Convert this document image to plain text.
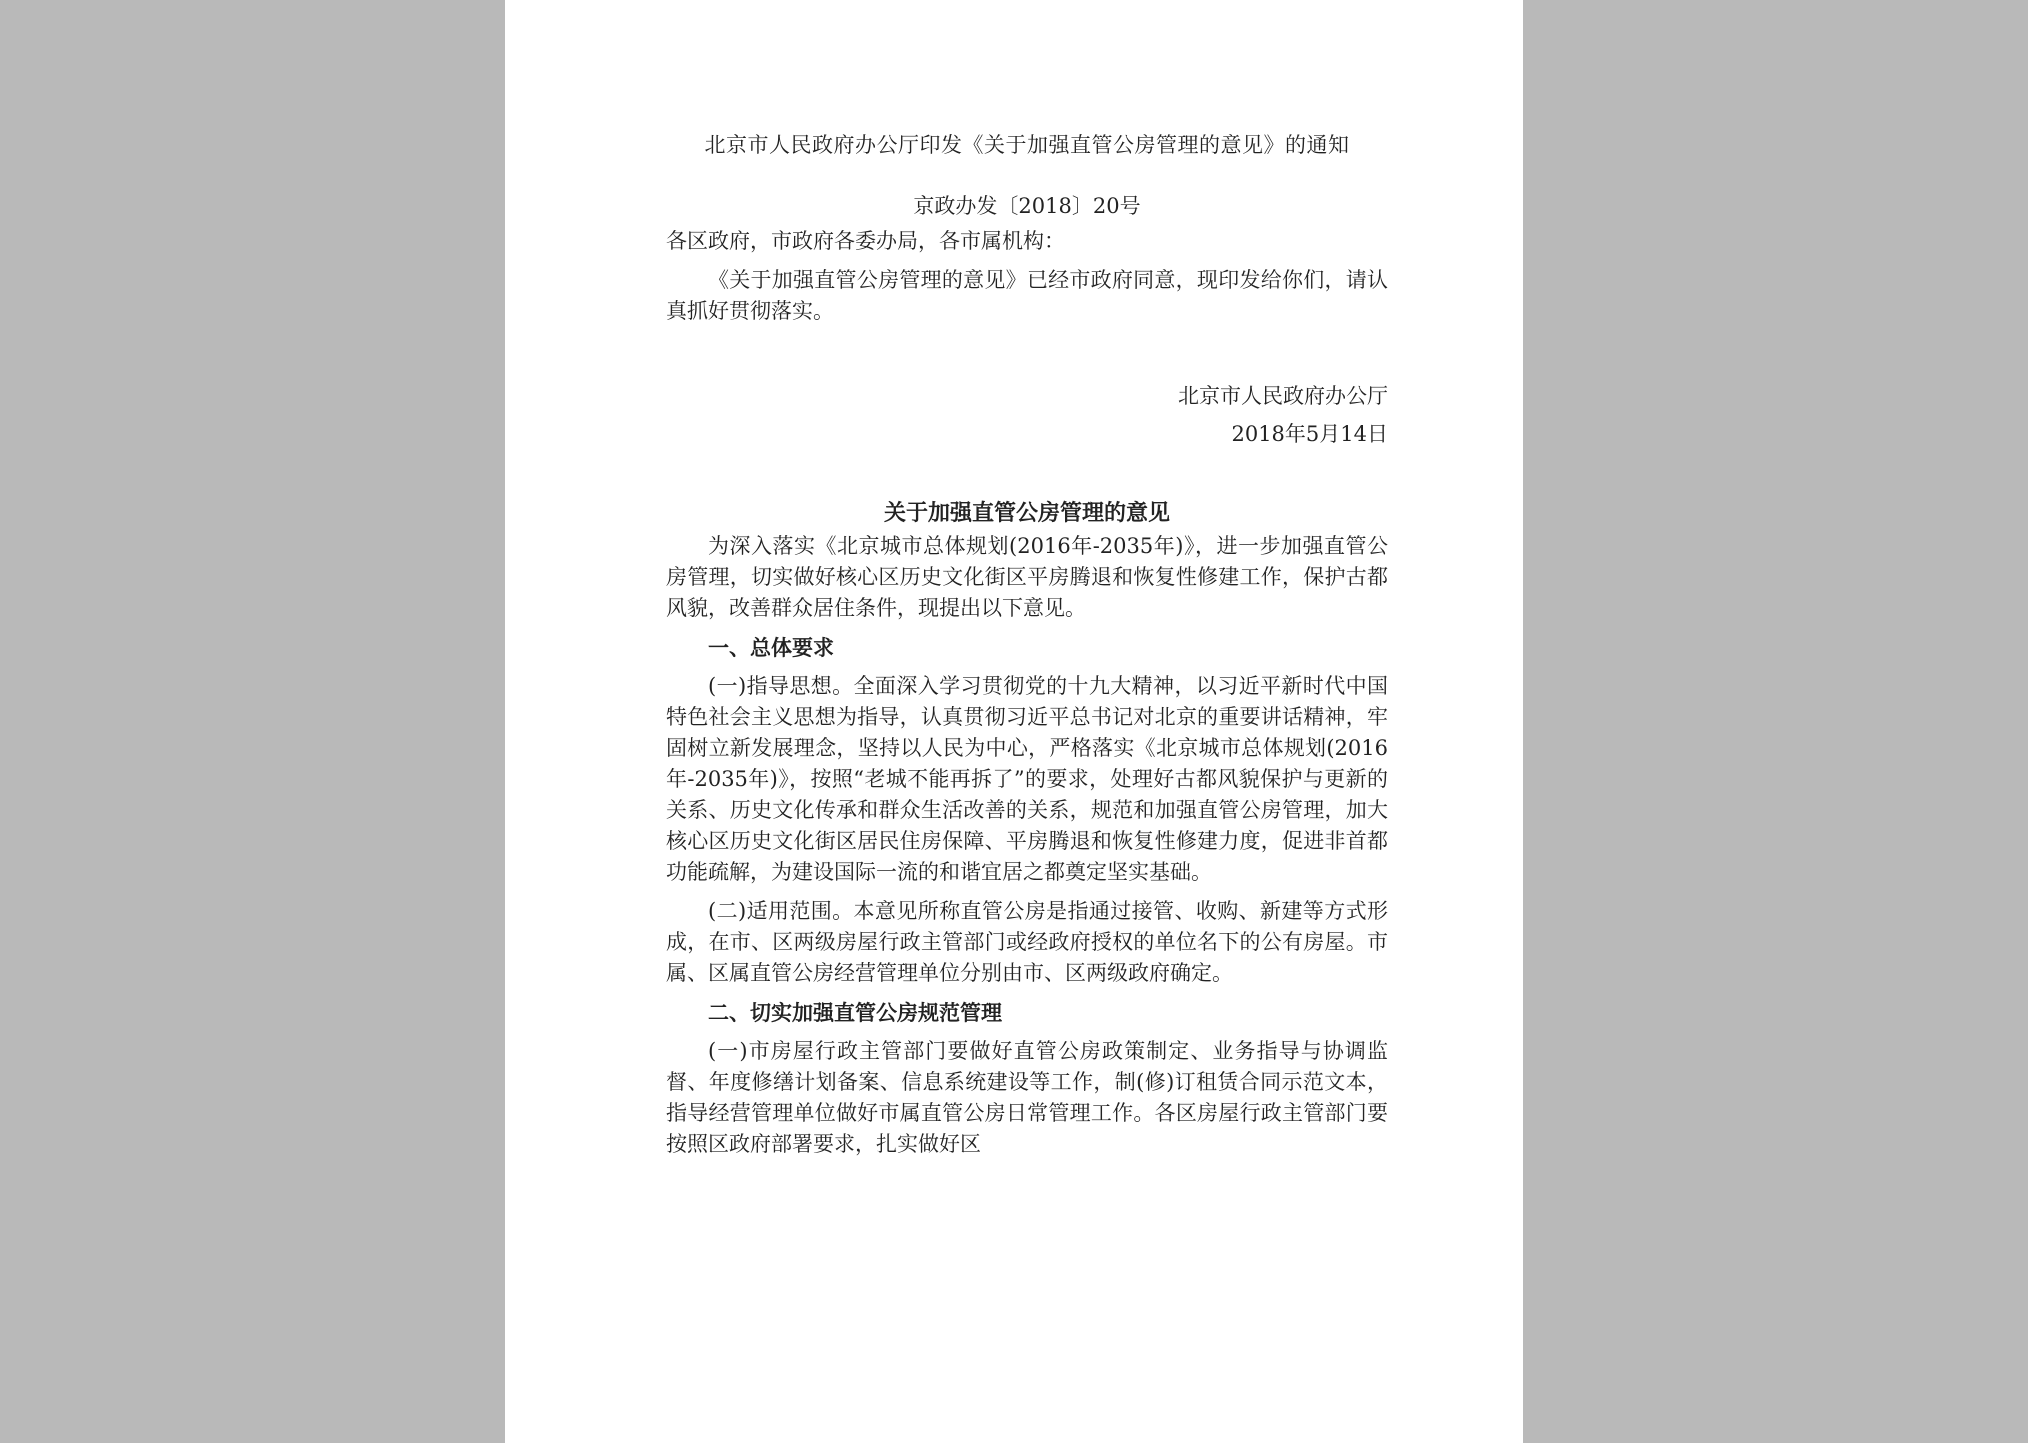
北京市人民政府办公厅印发《关于加强直管公房管理的意见》的通知
京政办发〔2018〕20号
各区政府，市政府各委办局，各市属机构：
《关于加强直管公房管理的意见》已经市政府同意，现印发给你们，请认真抓好贯彻落实。
北京市人民政府办公厅
2018年5月14日
关于加强直管公房管理的意见
为深入落实《北京城市总体规划(2016年-2035年)》，进一步加强直管公房管理，切实做好核心区历史文化街区平房腾退和恢复性修建工作，保护古都风貌，改善群众居住条件，现提出以下意见。
一、总体要求
(一)指导思想。全面深入学习贯彻党的十九大精神，以习近平新时代中国特色社会主义思想为指导，认真贯彻习近平总书记对北京的重要讲话精神，牢固树立新发展理念，坚持以人民为中心，严格落实《北京城市总体规划(2016年-2035年)》，按照“老城不能再拆了”的要求，处理好古都风貌保护与更新的关系、历史文化传承和群众生活改善的关系，规范和加强直管公房管理，加大核心区历史文化街区居民住房保障、平房腾退和恢复性修建力度，促进非首都功能疏解，为建设国际一流的和谐宜居之都奠定坚实基础。
(二)适用范围。本意见所称直管公房是指通过接管、收购、新建等方式形成，在市、区两级房屋行政主管部门或经政府授权的单位名下的公有房屋。市属、区属直管公房经营管理单位分别由市、区两级政府确定。
二、切实加强直管公房规范管理
(一)市房屋行政主管部门要做好直管公房政策制定、业务指导与协调监督、年度修缮计划备案、信息系统建设等工作，制(修)订租赁合同示范文本，指导经营管理单位做好市属直管公房日常管理工作。各区房屋行政主管部门要按照区政府部署要求，扎实做好区
